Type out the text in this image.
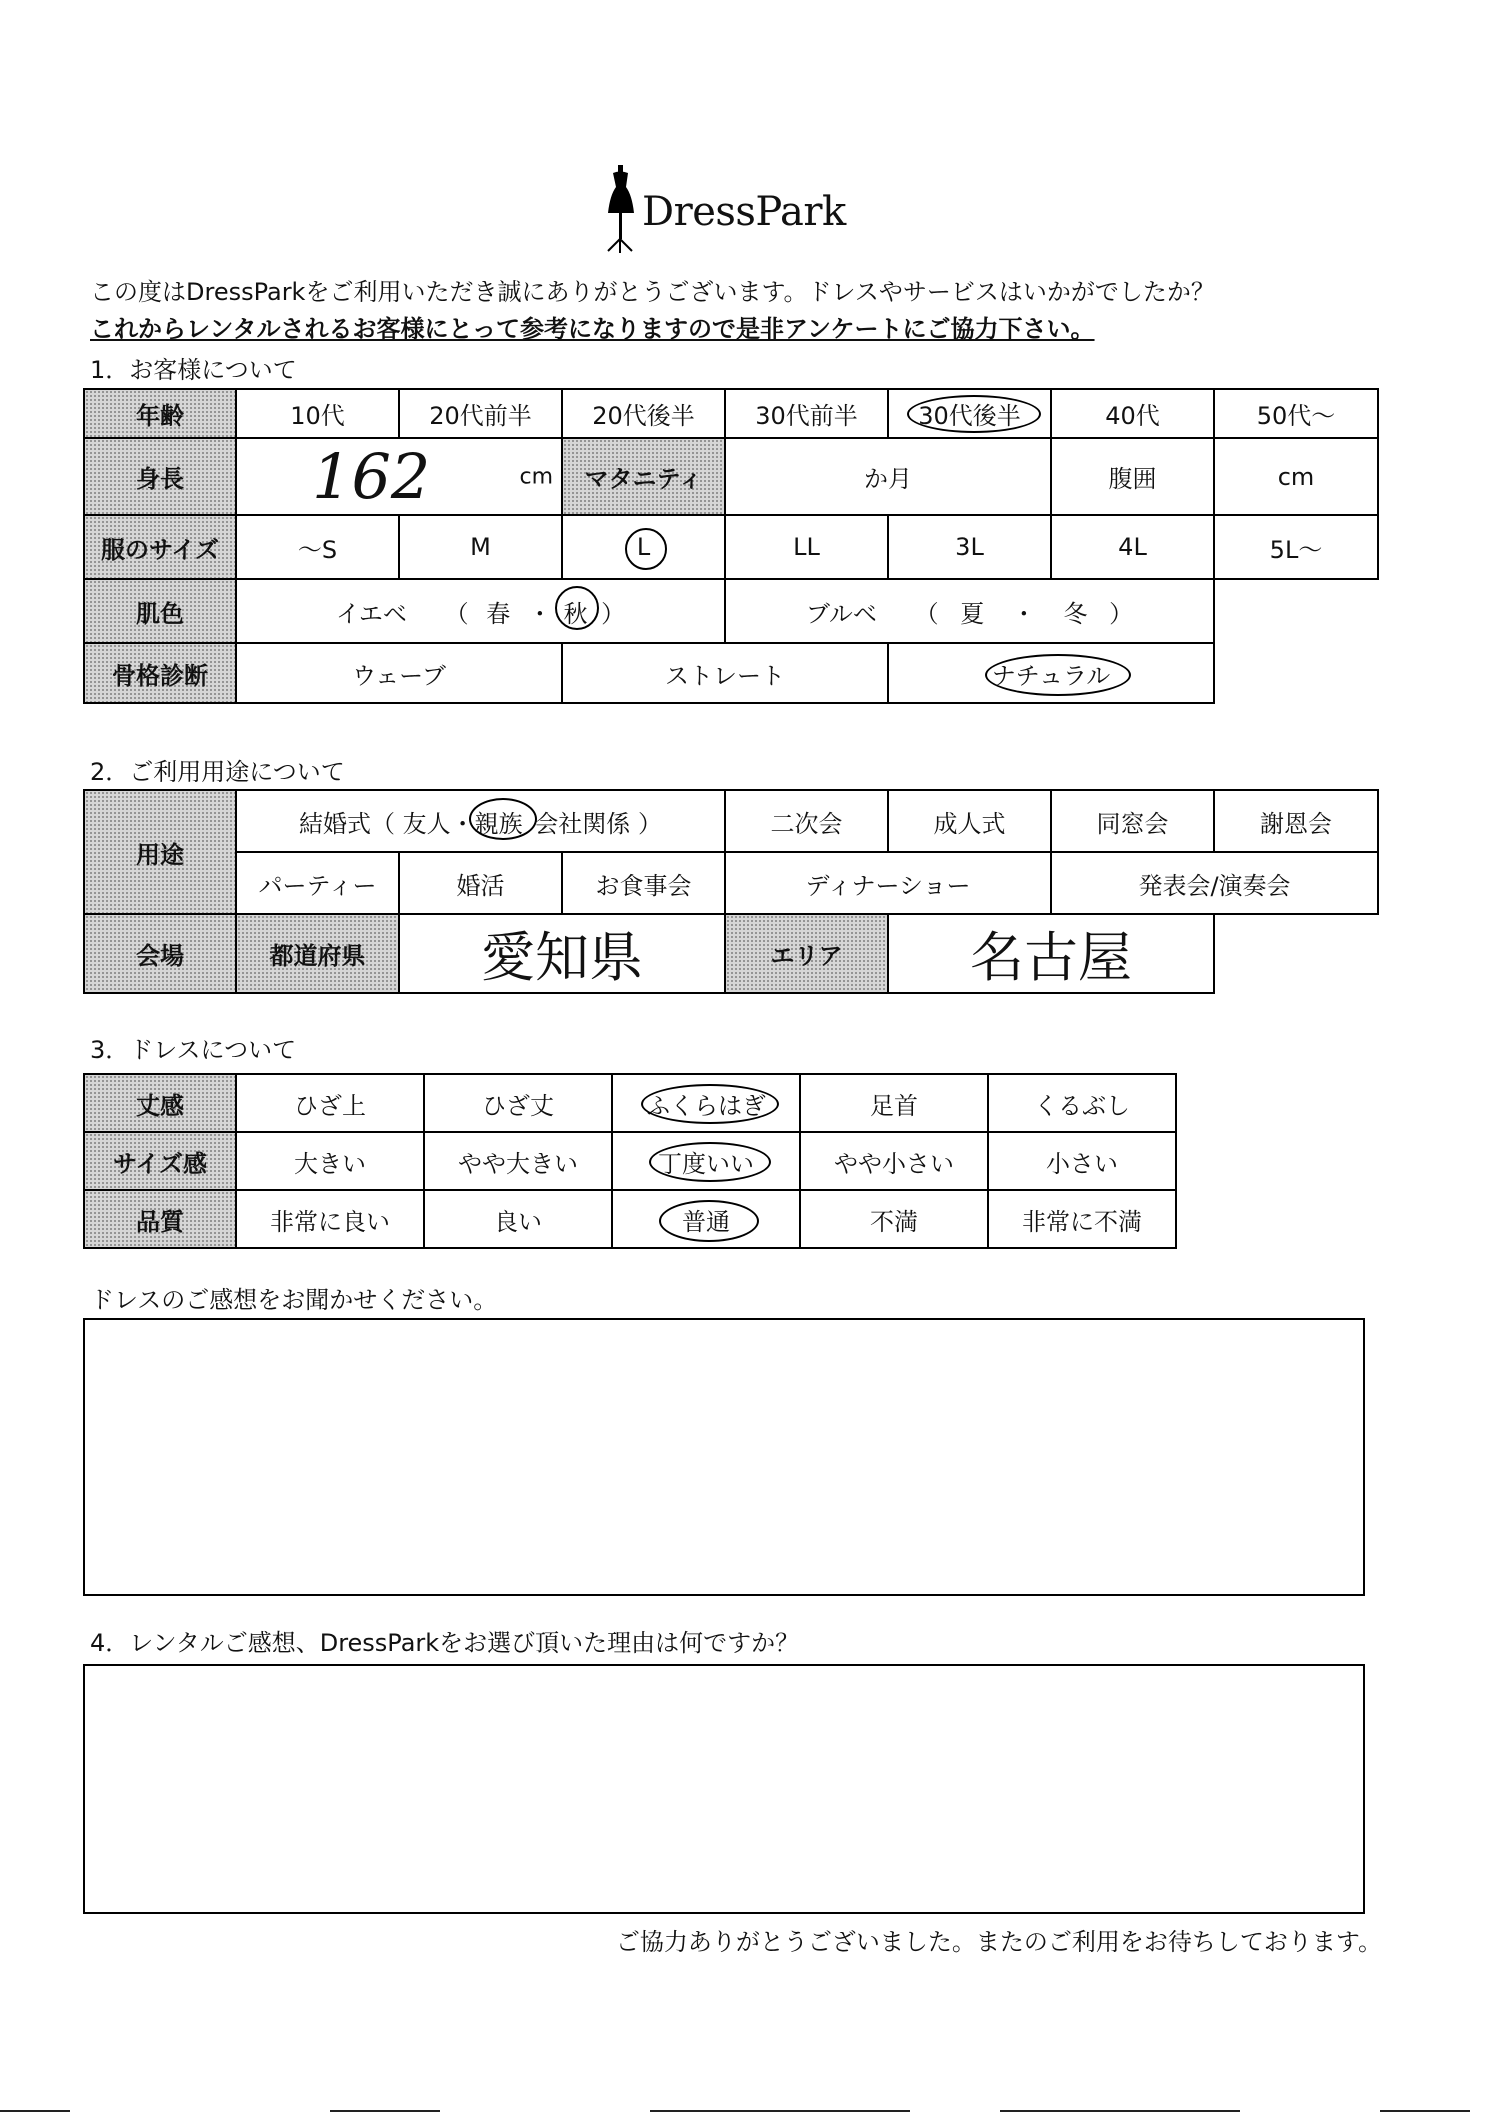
DressPark
この度はDressParkをご利用いただき誠にありがとうございます。ドレスやサービスはいかがでしたか？
これからレンタルされるお客様にとって参考になりますので是非アンケートにご協力下さい。
1．お客様について
年齢	10代	20代前半	20代後半	30代前半	30代後半	40代	50代～
身長	162 cm		マタニティ	か月		腹囲	cm
服のサイズ	～S	M	L	LL	3L	4L	5L～
肌色	イエベ （ 春 ・ 秋 ）			ブルベ （ 夏 ・ 冬 ）			
骨格診断	ウェーブ		ストレート		ナチュラル	

2．ご利用用途について
用途	結婚式（ 友人・親族 会社関係 ）			二次会	成人式	同窓会	謝恩会
	パーティー	婚活	お食事会	ディナーショー		発表会/演奏会	
会場	都道府県	愛知県		エリア	名古屋		
3．ドレスについて
丈感	ひざ上	ひざ丈	ふくらはぎ	足首	くるぶし
サイズ感	大きい	やや大きい	丁度いい	やや小さい	小さい
品質	非常に良い	良い	普通	不満	非常に不満
ドレスのご感想をお聞かせください。
4．レンタルご感想、DressParkをお選び頂いた理由は何ですか？
ご協力ありがとうございました。またのご利用をお待ちしております。
